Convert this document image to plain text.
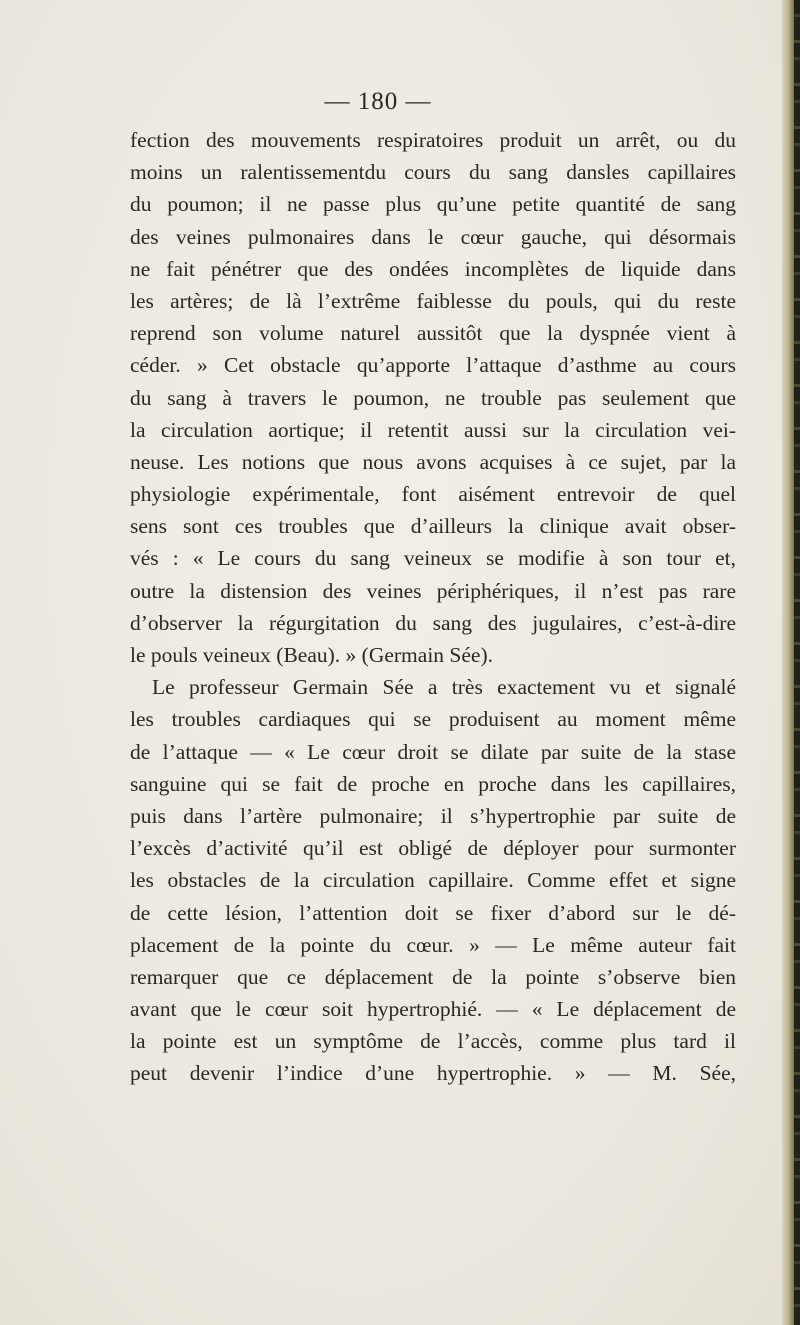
— 180 —
fection des mouvements respiratoires produit un arrêt, ou du
moins un ralentissementdu cours du sang dansles capillaires
du poumon; il ne passe plus qu’une petite quantité de sang
des veines pulmonaires dans le cœur gauche, qui désormais
ne fait pénétrer que des ondées incomplètes de liquide dans
les artères; de là l’extrême faiblesse du pouls, qui du reste
reprend son volume naturel aussitôt que la dyspnée vient à
céder. » Cet obstacle qu’apporte l’attaque d’asthme au cours
du sang à travers le poumon, ne trouble pas seulement que
la circulation aortique; il retentit aussi sur la circulation vei-
neuse. Les notions que nous avons acquises à ce sujet, par la
physiologie expérimentale, font aisément entrevoir de quel
sens sont ces troubles que d’ailleurs la clinique avait obser-
vés : « Le cours du sang veineux se modifie à son tour et,
outre la distension des veines périphériques, il n’est pas rare
d’observer la régurgitation du sang des jugulaires, c’est-à-dire
le pouls veineux (Beau). » (Germain Sée).
Le professeur Germain Sée a très exactement vu et signalé
les troubles cardiaques qui se produisent au moment même
de l’attaque — « Le cœur droit se dilate par suite de la stase
sanguine qui se fait de proche en proche dans les capillaires,
puis dans l’artère pulmonaire; il s’hypertrophie par suite de
l’excès d’activité qu’il est obligé de déployer pour surmonter
les obstacles de la circulation capillaire. Comme effet et signe
de cette lésion, l’attention doit se fixer d’abord sur le dé-
placement de la pointe du cœur. » — Le même auteur fait
remarquer que ce déplacement de la pointe s’observe bien
avant que le cœur soit hypertrophié. — « Le déplacement de
la pointe est un symptôme de l’accès, comme plus tard il
peut devenir l’indice d’une hypertrophie. » — M. Sée,
